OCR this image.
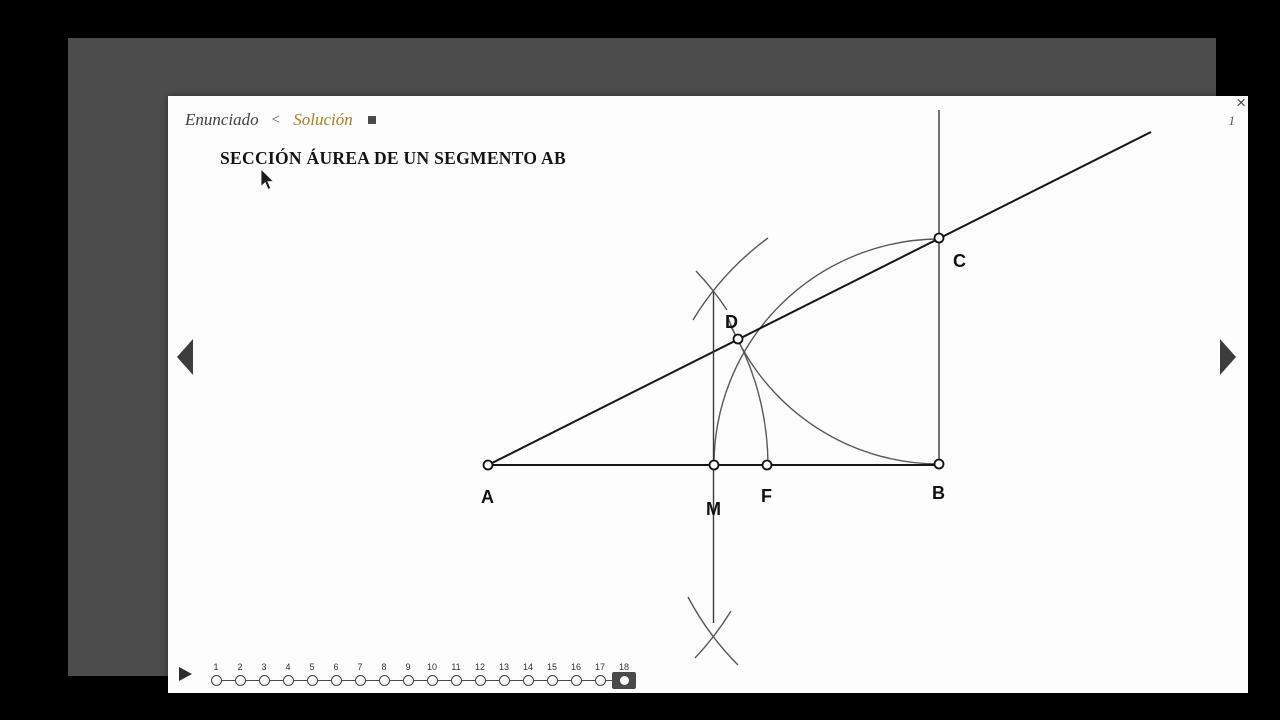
Enunciado < Solución
×
1
SECCIÓN ÁUREA DE UN SEGMENTO AB
A
M
F	B
C
D
1	2	3	4	5	6	7	8	9	10	11	12	13	14	15	16	17	18
